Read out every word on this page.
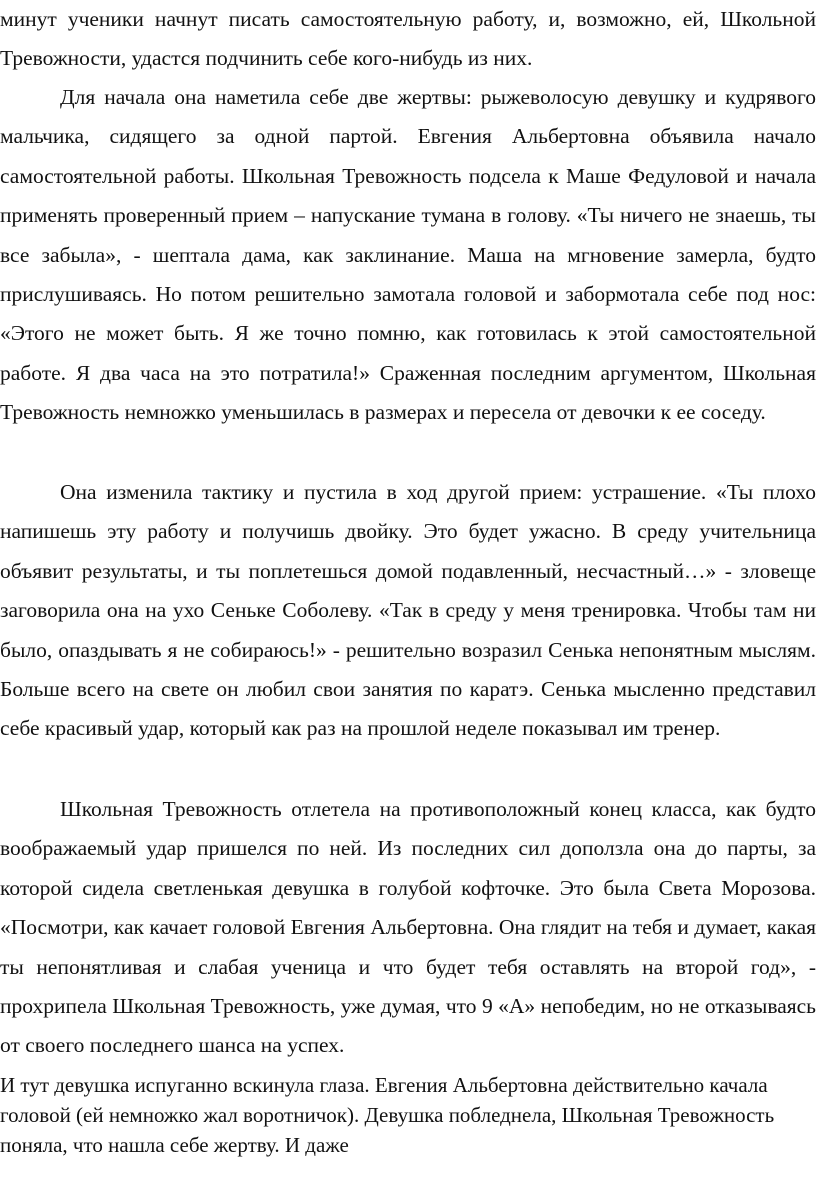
минут ученики начнут писать самостоятельную работу, и, возможно, ей, Школьной Тревожности, удастся подчинить себе кого-нибудь из них.

Для начала она наметила себе две жертвы: рыжеволосую девушку и кудрявого мальчика, сидящего за одной партой. Евгения Альбертовна объявила начало самостоятельной работы. Школьная Тревожность подсела к Маше Федуловой и начала применять проверенный прием – напускание тумана в голову. «Ты ничего не знаешь, ты все забыла», - шептала дама, как заклинание. Маша на мгновение замерла, будто прислушиваясь. Но потом решительно замотала головой и забормотала себе под нос: «Этого не может быть. Я же точно помню, как готовилась к этой самостоятельной работе. Я два часа на это потратила!» Сраженная последним аргументом, Школьная Тревожность немножко уменьшилась в размерах и пересела от девочки к ее соседу.

Она изменила тактику и пустила в ход другой прием: устрашение. «Ты плохо напишешь эту работу и получишь двойку. Это будет ужасно. В среду учительница объявит результаты, и ты поплетешься домой подавленный, несчастный…» - зловеще заговорила она на ухо Сеньке Соболеву. «Так в среду у меня тренировка. Чтобы там ни было, опаздывать я не собираюсь!» - решительно возразил Сенька непонятным мыслям. Больше всего на свете он любил свои занятия по каратэ. Сенька мысленно представил себе красивый удар, который как раз на прошлой неделе показывал им тренер.

Школьная Тревожность отлетела на противоположный конец класса, как будто воображаемый удар пришелся по ней. Из последних сил доползла она до парты, за которой сидела светленькая девушка в голубой кофточке. Это была Света Морозова. «Посмотри, как качает головой Евгения Альбертовна. Она глядит на тебя и думает, какая ты непонятливая и слабая ученица и что будет тебя оставлять на второй год», - прохрипела Школьная Тревожность, уже думая, что 9 «А» непобедим, но не отказываясь от своего последнего шанса на успех.

И тут девушка испуганно вскинула глаза. Евгения Альбертовна действительно качала головой (ей немножко жал воротничок). Девушка побледнела, Школьная Тревожность поняла, что нашла себе жертву. И даже
